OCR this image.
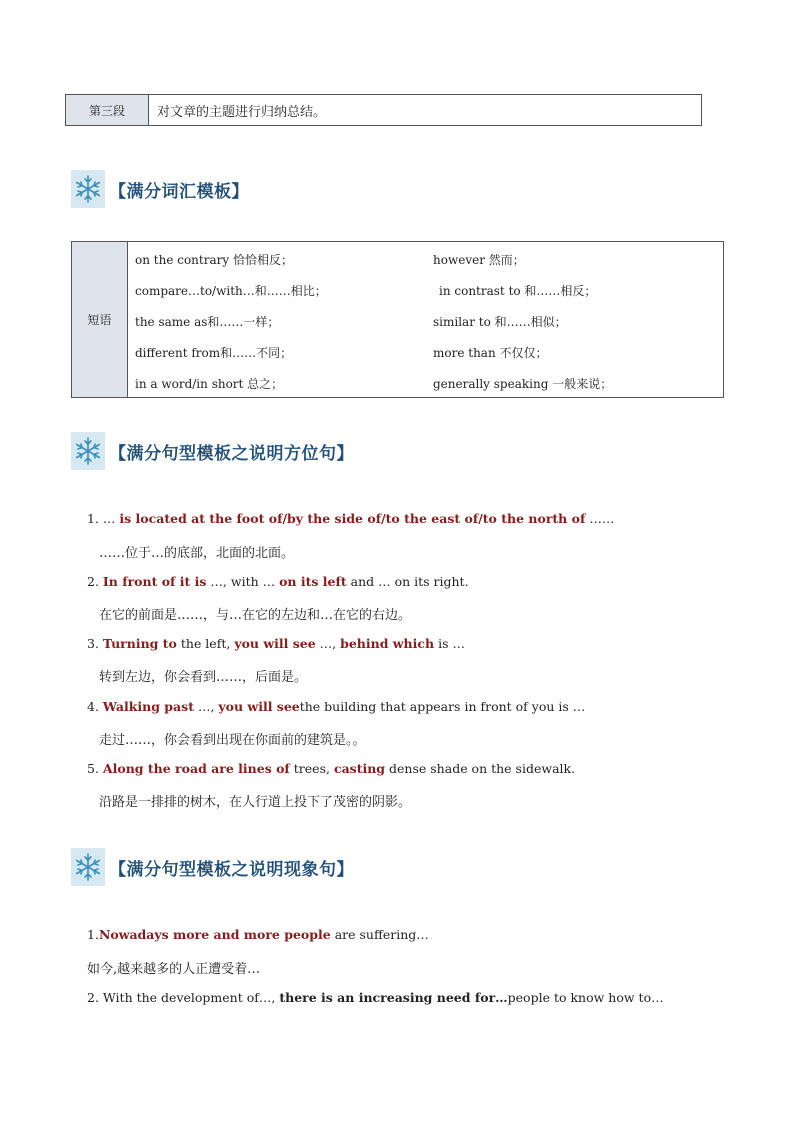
第三段	对文章的主题进行归纳总结。
【满分词汇模板】
短语
on the contrary 恰恰相反；	however 然而；
compare…to/with…和……相比；	in contrast to 和……相反；
the same as和……一样；	similar to 和……相似；
different from和……不同；	more than 不仅仅；
in a word/in short 总之；	generally speaking 一般来说；
【满分句型模板之说明方位句】
1. … is located at the foot of/by the side of/to the east of/to the north of ……
……位于…的底部，北面的北面。
2. In front of it is …, with … on its left and … on its right.
在它的前面是……，与…在它的左边和…在它的右边。
3. Turning to the left, you will see …, behind which is …
转到左边，你会看到……，后面是。
4. Walking past …, you will seethe building that appears in front of you is …
走过……，你会看到出现在你面前的建筑是。。
5. Along the road are lines of trees, casting dense shade on the sidewalk.
沿路是一排排的树木，在人行道上投下了茂密的阴影。
【满分句型模板之说明现象句】
1.Nowadays more and more people are suffering…
如今,越来越多的人正遭受着…
2. With the development of…, there is an increasing need for…people to know how to…
